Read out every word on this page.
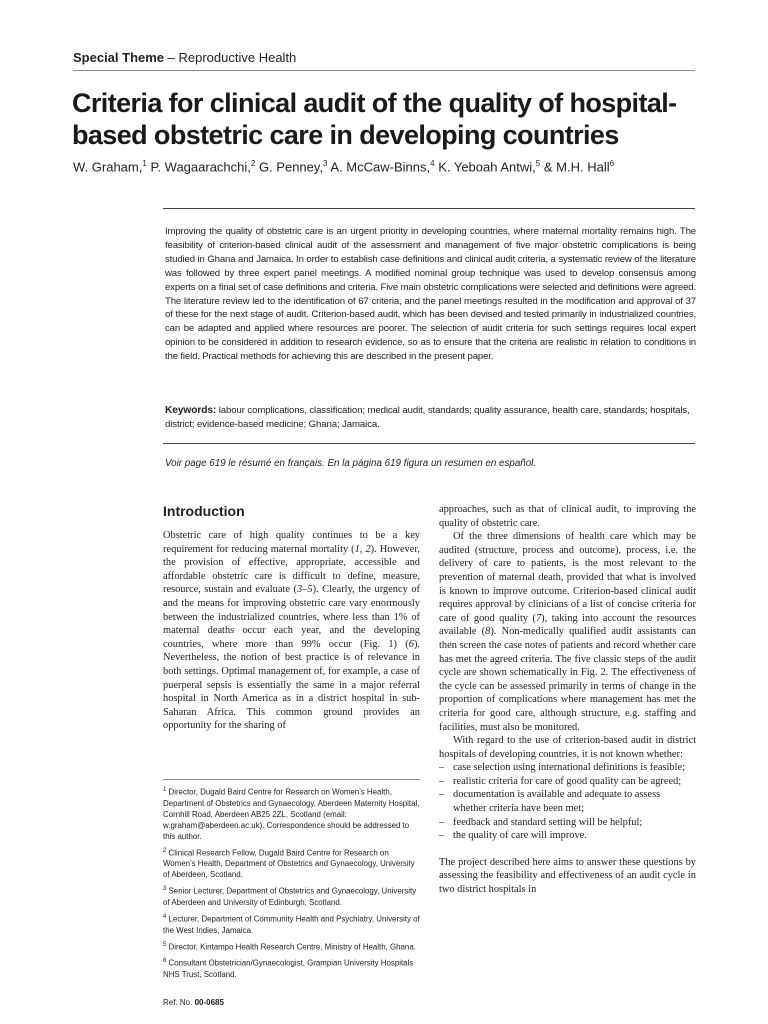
Special Theme – Reproductive Health
Criteria for clinical audit of the quality of hospital-based obstetric care in developing countries
W. Graham,$^1$ P. Wagaarachchi,$^2$ G. Penney,$^3$ A. McCaw-Binns,$^4$ K. Yeboah Antwi,$^5$ & M.H. Hall$^6$
Improving the quality of obstetric care is an urgent priority in developing countries, where maternal mortality remains high. The feasibility of criterion-based clinical audit of the assessment and management of five major obstetric complications is being studied in Ghana and Jamaica. In order to establish case definitions and clinical audit criteria, a systematic review of the literature was followed by three expert panel meetings. A modified nominal group technique was used to develop consensus among experts on a final set of case definitions and criteria. Five main obstetric complications were selected and definitions were agreed. The literature review led to the identification of 67 criteria, and the panel meetings resulted in the modification and approval of 37 of these for the next stage of audit. Criterion-based audit, which has been devised and tested primarily in industrialized countries, can be adapted and applied where resources are poorer. The selection of audit criteria for such settings requires local expert opinion to be considered in addition to research evidence, so as to ensure that the criteria are realistic in relation to conditions in the field. Practical methods for achieving this are described in the present paper.
Keywords: labour complications, classification; medical audit, standards; quality assurance, health care, standards; hospitals, district; evidence-based medicine; Ghana; Jamaica.
Voir page 619 le résumé en français. En la página 619 figura un resumen en español.
Introduction

Obstetric care of high quality continues to be a key requirement for reducing maternal mortality (1, 2). However, the provision of effective, appropriate, accessible and affordable obstetric care is difficult to define, measure, resource, sustain and evaluate (3–5). Clearly, the urgency of and the means for improving obstetric care vary enormously between the industrialized countries, where less than 1% of maternal deaths occur each year, and the developing countries, where more than 99% occur (Fig. 1) (6). Nevertheless, the notion of best practice is of relevance in both settings. Optimal management of, for example, a case of puerperal sepsis is essentially the same in a major referral hospital in North America as in a district hospital in sub-Saharan Africa. This common ground provides an opportunity for the sharing of

$^1$ Director, Dugald Baird Centre for Research on Women’s Health, Department of Obstetrics and Gynaecology, Aberdeen Maternity Hospital, Cornhill Road, Aberdeen AB25 2ZL, Scotland (email: w.graham@aberdeen.ac.uk). Correspondence should be addressed to this author.
$^2$ Clinical Research Fellow, Dugald Baird Centre for Research on Women’s Health, Department of Obstetrics and Gynaecology, University of Aberdeen, Scotland.
$^3$ Senior Lecturer, Department of Obstetrics and Gynaecology, University of Aberdeen and University of Edinburgh, Scotland.
$^4$ Lecturer, Department of Community Health and Psychiatry, University of the West Indies, Jamaica.
$^5$ Director, Kintampo Health Research Centre, Ministry of Health, Ghana.
$^6$ Consultant Obstetrician/Gynaecologist, Grampian University Hospitals NHS Trust, Scotland.
Ref. No. 00-0685

approaches, such as that of clinical audit, to improving the quality of obstetric care.

Of the three dimensions of health care which may be audited (structure, process and outcome), process, i.e. the delivery of care to patients, is the most relevant to the prevention of maternal death, provided that what is involved is known to improve outcome. Criterion-based clinical audit requires approval by clinicians of a list of concise criteria for care of good quality (7), taking into account the resources available (8). Non-medically qualified audit assistants can then screen the case notes of patients and record whether care has met the agreed criteria. The five classic steps of the audit cycle are shown schematically in Fig. 2. The effectiveness of the cycle can be assessed primarily in terms of change in the proportion of complications where management has met the criteria for good care, although structure, e.g. staffing and facilities, must also be monitored.

With regard to the use of criterion-based audit in district hospitals of developing countries, it is not known whether:

– case selection using international definitions is feasible;
– realistic criteria for care of good quality can be agreed;
– documentation is available and adequate to assess whether criteria have been met;
– feedback and standard setting will be helpful;
– the quality of care will improve.

The project described here aims to answer these questions by assessing the feasibility and effectiveness of an audit cycle in two district hospitals in
